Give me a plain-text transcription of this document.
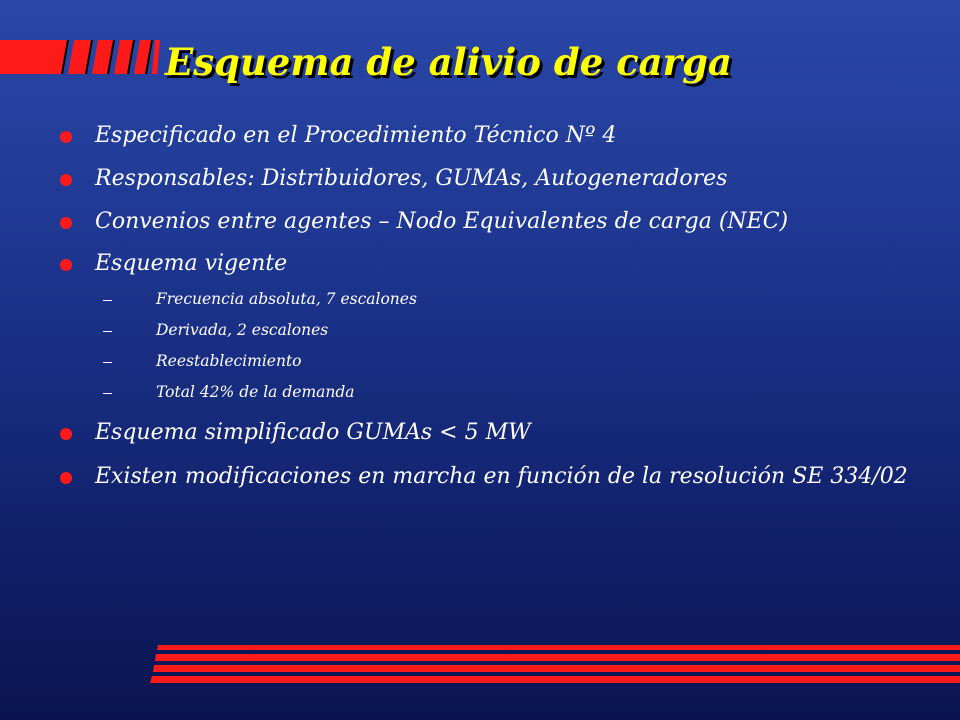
Esquema de alivio de carga
Especificado en el Procedimiento Técnico Nº 4
Responsables: Distribuidores, GUMAs, Autogeneradores
Convenios entre agentes – Nodo Equivalentes de carga (NEC)
Esquema vigente
Frecuencia absoluta, 7 escalones
Derivada, 2 escalones
Reestablecimiento
Total 42% de la demanda
Esquema simplificado GUMAs < 5 MW
Existen modificaciones en marcha en función de la resolución SE 334/02
